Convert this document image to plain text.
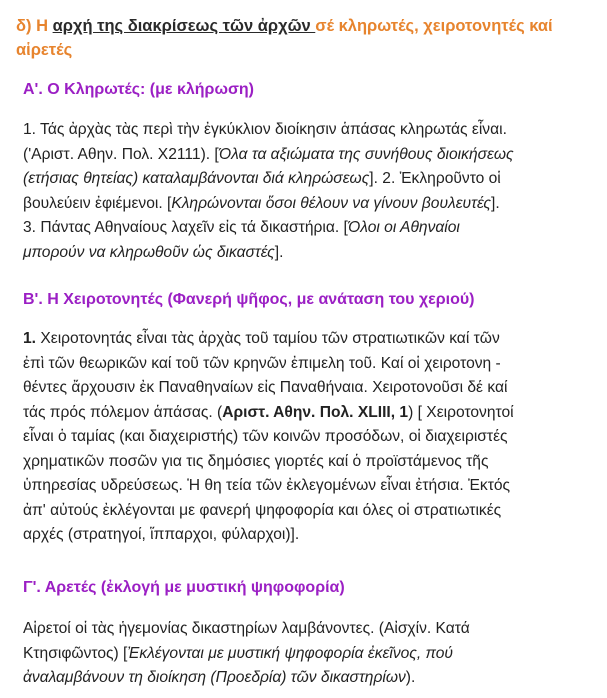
δ) Η αρχή της διακρίσεως τῶν ἀρχῶν σέ κληρωτές, χειροτονητές καί
αἱρετές
Α'. Ο Κληρωτές: (με κλήρωση)
1. Τάς ἀρχὰς τὰς περὶ τὴν ἐγκύκλιον διοίκησιν ἁπάσας κληρωτάς εἶναι.
('Αριστ. Αθην. Πολ. X2111). [Όλα τα αξιώματα της συνήθους διοικήσεως
(ετήσιας θητείας) καταλαμβάνονται διά κληρώσεως]. 2. Ἐκληροῦντο οἱ
βουλεύειν ἐφιέμενοι. [Κληρώνονται ὅσοι θέλουν να γίνουν βουλευτές].
3. Πάντας Αθηναίους λαχεῖν εἰς τά δικαστήρια. [Όλοι οι Αθηναίοι
μπορούν να κληρωθοῦν ὡς δικαστές].
Β'. Η Χειροτονητές (Φανερή ψῆφος, με ανάταση του χεριού)
1. Χειροτονητάς εἶναι τὰς ἀρχὰς τοῦ ταμίου τῶν στρατιωτικῶν καί τῶν
ἐπὶ τῶν θεωρικῶν καί τοῦ τῶν κρηνῶν ἐπιμελη τοῦ. Καί οἱ χειροτονη -
θέντες ἄρχουσιν ἐκ Παναθηναίων εἰς Παναθήναια. Χειροτονοῦσι δέ καί
τάς πρός πόλεμον ἁπάσας. (Αριστ. Αθην. Πολ. XLIII, 1) [ Χειροτονητοί
εἶναι ὁ ταμίας (και διαχειριστής) τῶν κοινῶν προσόδων, οἱ διαχειριστές
χρηματικῶν ποσῶν για τις δημόσιες γιορτές καί ὁ προϊστάμενος τῆς
ὑπηρεσίας υδρεύσεως. Ἡ θη τεία τῶν ἐκλεγομένων εἶναι ἐτήσια. Ἐκτός
ἀπ' αὐτούς ἐκλέγονται με φανερή ψηφοφορία και όλες οἱ στρατιωτικές
αρχές (στρατηγοί, ἵππαρχοι, φύλαρχοι)].
Γ'. Αρετές (ἐκλογή με μυστική ψηφοφορία)
Αἱρετοί οἱ τὰς ἡγεμονίας δικαστηρίων λαμβάνοντες. (Αἰσχίν. Κατά
Κτησιφῶντος) [Ἐκλέγονται με μυστική ψηφοφορία ἐκεῖνος, πού
ἀναλαμβάνουν τη διοίκηση (Προεδρία) τῶν δικαστηρίων).
